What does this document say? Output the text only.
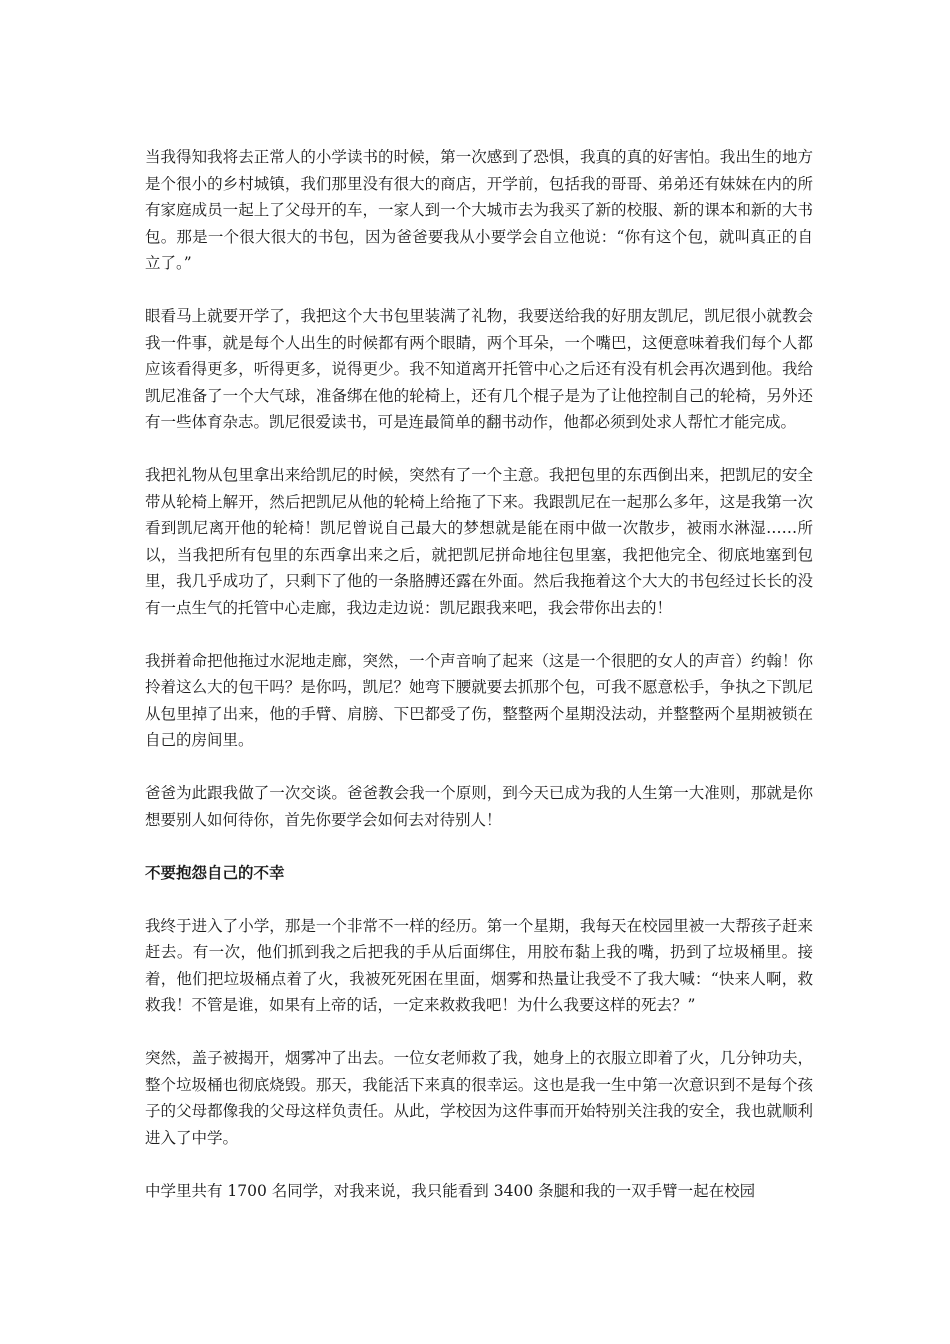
当我得知我将去正常人的小学读书的时候，第一次感到了恐惧，我真的真的好害怕。我出生的地方是个很小的乡村城镇，我们那里没有很大的商店，开学前，包括我的哥哥、弟弟还有妹妹在内的所有家庭成员一起上了父母开的车，一家人到一个大城市去为我买了新的校服、新的课本和新的大书包。那是一个很大很大的书包，因为爸爸要我从小要学会自立他说：“你有这个包，就叫真正的自立了。”

眼看马上就要开学了，我把这个大书包里装满了礼物，我要送给我的好朋友凯尼，凯尼很小就教会我一件事，就是每个人出生的时候都有两个眼睛，两个耳朵，一个嘴巴，这便意味着我们每个人都应该看得更多，听得更多，说得更少。我不知道离开托管中心之后还有没有机会再次遇到他。我给凯尼准备了一个大气球，准备绑在他的轮椅上，还有几个棍子是为了让他控制自己的轮椅，另外还有一些体育杂志。凯尼很爱读书，可是连最简单的翻书动作，他都必须到处求人帮忙才能完成。

我把礼物从包里拿出来给凯尼的时候，突然有了一个主意。我把包里的东西倒出来，把凯尼的安全带从轮椅上解开，然后把凯尼从他的轮椅上给拖了下来。我跟凯尼在一起那么多年，这是我第一次看到凯尼离开他的轮椅！凯尼曾说自己最大的梦想就是能在雨中做一次散步，被雨水淋湿……所以，当我把所有包里的东西拿出来之后，就把凯尼拼命地往包里塞，我把他完全、彻底地塞到包里，我几乎成功了，只剩下了他的一条胳膊还露在外面。然后我拖着这个大大的书包经过长长的没有一点生气的托管中心走廊，我边走边说：凯尼跟我来吧，我会带你出去的！

我拼着命把他拖过水泥地走廊，突然，一个声音响了起来（这是一个很肥的女人的声音）约翰！你拎着这么大的包干吗？是你吗，凯尼？她弯下腰就要去抓那个包，可我不愿意松手，争执之下凯尼从包里掉了出来，他的手臂、肩膀、下巴都受了伤，整整两个星期没法动，并整整两个星期被锁在自己的房间里。

爸爸为此跟我做了一次交谈。爸爸教会我一个原则，到今天已成为我的人生第一大准则，那就是你想要别人如何待你，首先你要学会如何去对待别人！

不要抱怨自己的不幸

我终于进入了小学，那是一个非常不一样的经历。第一个星期，我每天在校园里被一大帮孩子赶来赶去。有一次，他们抓到我之后把我的手从后面绑住，用胶布黏上我的嘴，扔到了垃圾桶里。接着，他们把垃圾桶点着了火，我被死死困在里面，烟雾和热量让我受不了我大喊：“快来人啊，救救我！不管是谁，如果有上帝的话，一定来救救我吧！为什么我要这样的死去？”

突然，盖子被揭开，烟雾冲了出去。一位女老师救了我，她身上的衣服立即着了火，几分钟功夫，整个垃圾桶也彻底烧毁。那天，我能活下来真的很幸运。这也是我一生中第一次意识到不是每个孩子的父母都像我的父母这样负责任。从此，学校因为这件事而开始特别关注我的安全，我也就顺利进入了中学。

中学里共有 1700 名同学，对我来说，我只能看到 3400 条腿和我的一双手臂一起在校园
